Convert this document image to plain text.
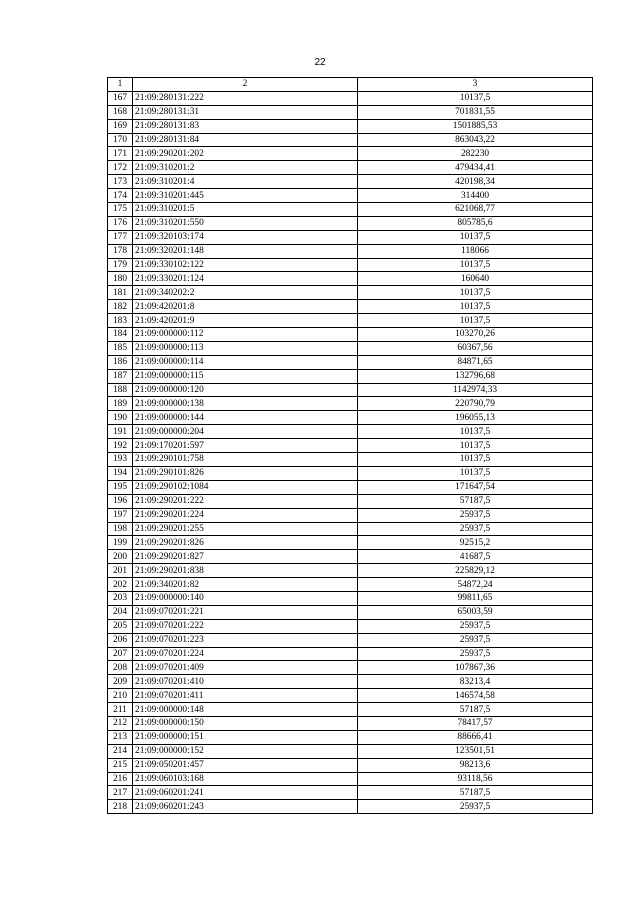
22
1	2	3
167	21:09:280131:222	10137,5
168	21:09:280131:31	701831,55
169	21:09:280131:83	1501885,53
170	21:09:280131:84	863043,22
171	21:09:290201:202	282230
172	21:09:310201:2	479434,41
173	21:09:310201:4	420198,34
174	21:09:310201:445	314400
175	21:09:310201:5	621068,77
176	21:09:310201:550	805785,6
177	21:09:320103:174	10137,5
178	21:09:320201:148	118066
179	21:09:330102:122	10137,5
180	21:09:330201:124	160640
181	21:09:340202:2	10137,5
182	21:09:420201:8	10137,5
183	21:09:420201:9	10137,5
184	21:09:000000:112	103270,26
185	21:09:000000:113	60367,56
186	21:09:000000:114	84871,65
187	21:09:000000:115	132796,68
188	21:09:000000:120	1142974,33
189	21:09:000000:138	220790,79
190	21:09:000000:144	196055,13
191	21:09:000000:204	10137,5
192	21:09:170201:597	10137,5
193	21:09:290101:758	10137,5
194	21:09:290101:826	10137,5
195	21:09:290102:1084	171647,54
196	21:09:290201:222	57187,5
197	21:09:290201:224	25937,5
198	21:09:290201:255	25937,5
199	21:09:290201:826	92515,2
200	21:09:290201:827	41687,5
201	21:09:290201:838	225829,12
202	21:09:340201:82	54872,24
203	21:09:000000:140	99811,65
204	21:09:070201:221	65003,59
205	21:09:070201:222	25937,5
206	21:09:070201:223	25937,5
207	21:09:070201:224	25937,5
208	21:09:070201:409	107867,36
209	21:09:070201:410	83213,4
210	21:09:070201:411	146574,58
211	21:09:000000:148	57187,5
212	21:09:000000:150	78417,57
213	21:09:000000:151	88666,41
214	21:09:000000:152	123501,51
215	21:09:050201:457	98213,6
216	21:09:060103:168	93118,56
217	21:09:060201:241	57187,5
218	21:09:060201:243	25937,5
